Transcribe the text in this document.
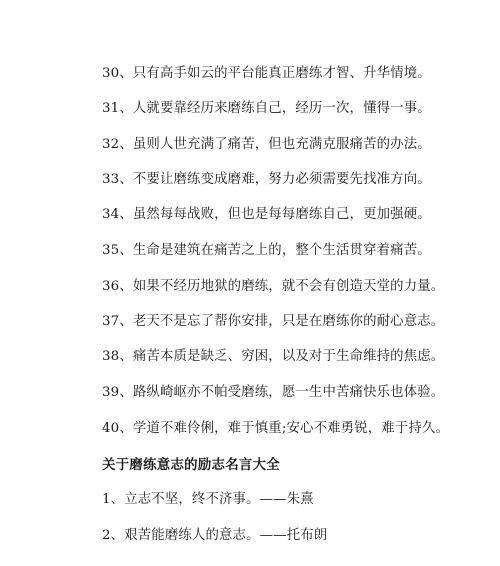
30、只有高手如云的平台能真正磨练才智、升华情境。
31、人就要靠经历来磨练自己，经历一次，懂得一事。
32、虽则人世充满了痛苦，但也充满克服痛苦的办法。
33、不要让磨练变成磨难，努力必须需要先找准方向。
34、虽然每每战败，但也是每每磨练自己，更加强硬。
35、生命是建筑在痛苦之上的，整个生活贯穿着痛苦。
36、如果不经历地狱的磨练，就不会有创造天堂的力量。
37、老天不是忘了帮你安排，只是在磨练你的耐心意志。
38、痛苦本质是缺乏、穷困，以及对于生命维持的焦虑。
39、路纵崎岖亦不帕受磨练，愿一生中苦痛快乐也体验。
40、学道不难伶俐，难于慎重;安心不难勇锐，难于持久。
关于磨练意志的励志名言大全
1、立志不坚，终不济事。——朱熹
2、艰苦能磨练人的意志。——托布朗
